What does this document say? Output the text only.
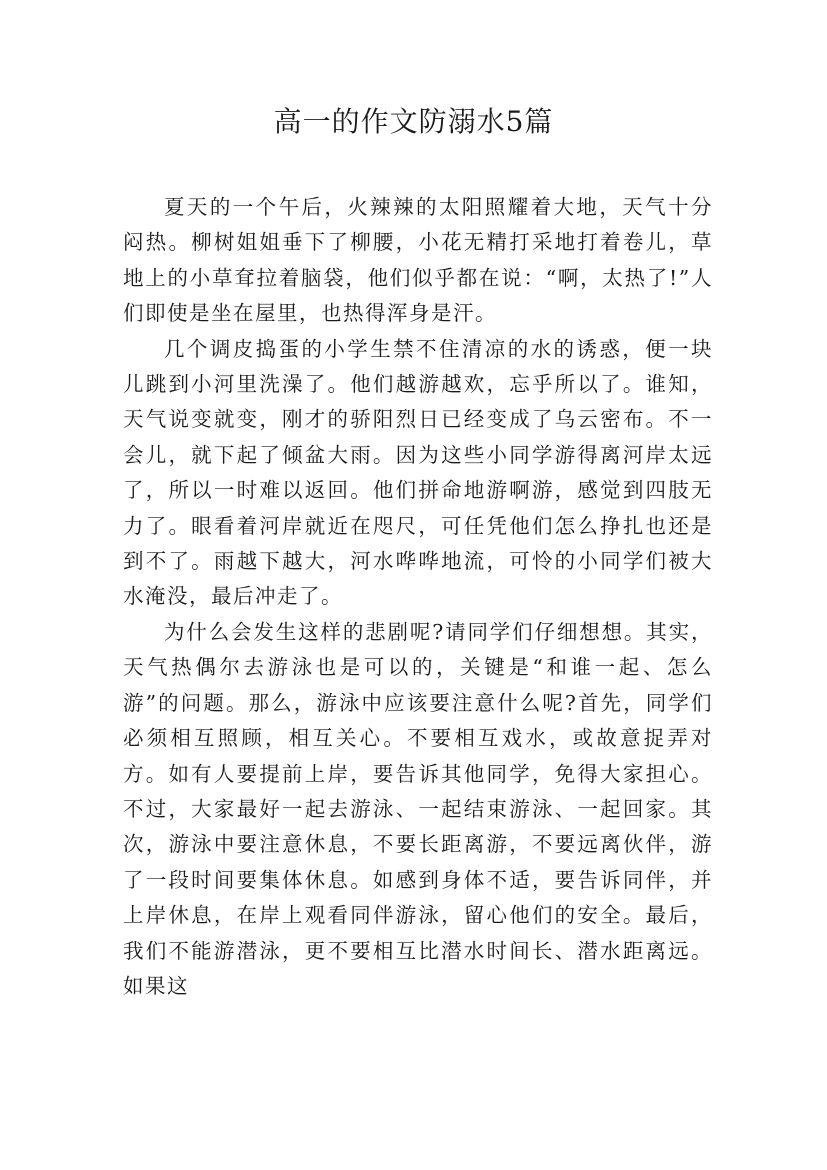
高一的作文防溺水5篇

夏天的一个午后，火辣辣的太阳照耀着大地，天气十分闷热。柳树姐姐垂下了柳腰，小花无精打采地打着卷儿，草地上的小草耷拉着脑袋，他们似乎都在说：“啊，太热了!”人们即使是坐在屋里，也热得浑身是汗。

几个调皮捣蛋的小学生禁不住清凉的水的诱惑，便一块儿跳到小河里洗澡了。他们越游越欢，忘乎所以了。谁知，天气说变就变，刚才的骄阳烈日已经变成了乌云密布。不一会儿，就下起了倾盆大雨。因为这些小同学游得离河岸太远了，所以一时难以返回。他们拼命地游啊游，感觉到四肢无力了。眼看着河岸就近在咫尺，可任凭他们怎么挣扎也还是到不了。雨越下越大，河水哗哗地流，可怜的小同学们被大水淹没，最后冲走了。

为什么会发生这样的悲剧呢?请同学们仔细想想。其实，天气热偶尔去游泳也是可以的，关键是“和谁一起、怎么游”的问题。那么，游泳中应该要注意什么呢?首先，同学们必须相互照顾，相互关心。不要相互戏水，或故意捉弄对方。如有人要提前上岸，要告诉其他同学，免得大家担心。不过，大家最好一起去游泳、一起结束游泳、一起回家。其次，游泳中要注意休息，不要长距离游，不要远离伙伴，游了一段时间要集体休息。如感到身体不适，要告诉同伴，并上岸休息，在岸上观看同伴游泳，留心他们的安全。最后，我们不能游潜泳，更不要相互比潜水时间长、潜水距离远。如果这
